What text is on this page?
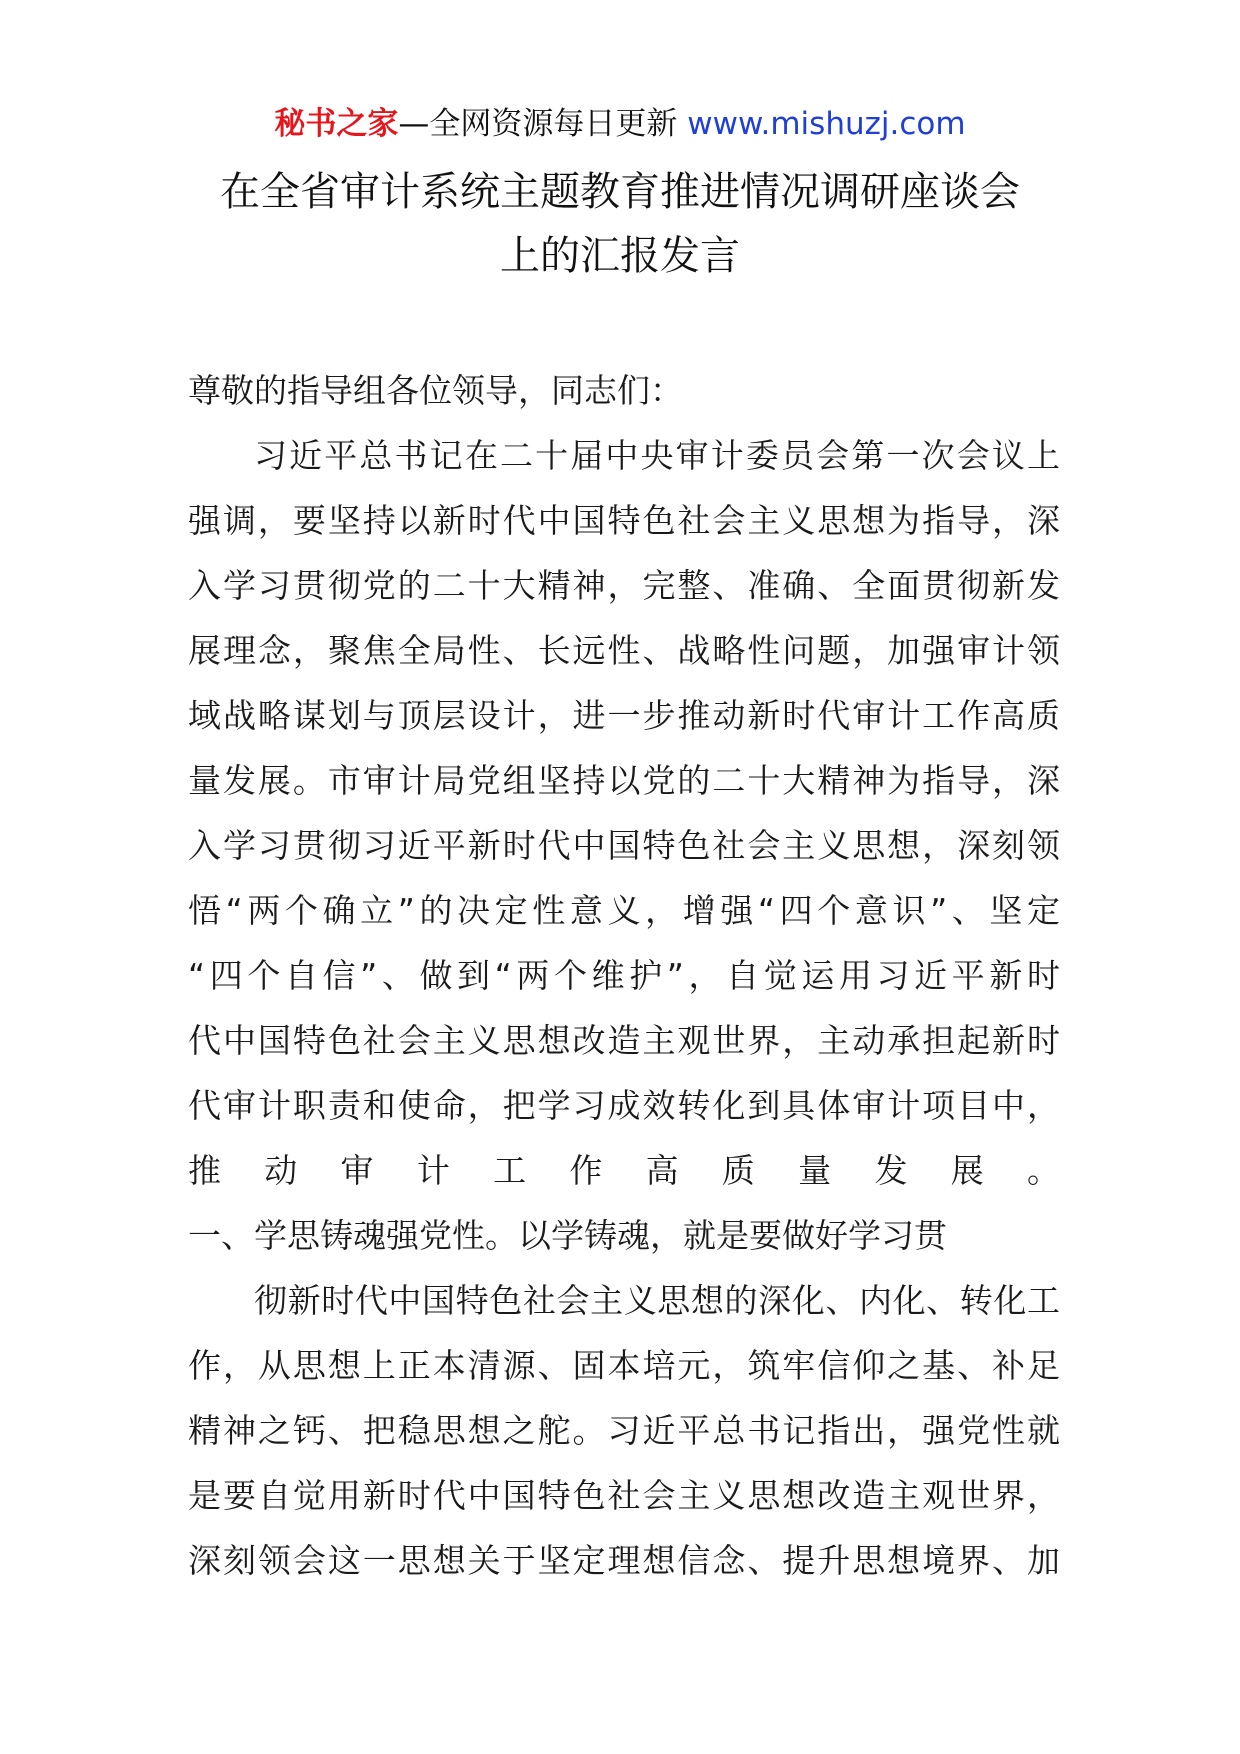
秘书之家—全网资源每日更新 www.mishuzj.com
在全省审计系统主题教育推进情况调研座谈会
上的汇报发言
尊敬的指导组各位领导，同志们：
习近平总书记在二十届中央审计委员会第一次会议上
强调，要坚持以新时代中国特色社会主义思想为指导，深
入学习贯彻党的二十大精神，完整、准确、全面贯彻新发
展理念，聚焦全局性、长远性、战略性问题，加强审计领
域战略谋划与顶层设计，进一步推动新时代审计工作高质
量发展。市审计局党组坚持以党的二十大精神为指导，深
入学习贯彻习近平新时代中国特色社会主义思想，深刻领
悟“两个确立”的决定性意义，增强“四个意识”、坚定
“四个自信”、做到“两个维护”，自觉运用习近平新时
代中国特色社会主义思想改造主观世界，主动承担起新时
代审计职责和使命，把学习成效转化到具体审计项目中，
推动审计工作高质量发展。
一、学思铸魂强党性。以学铸魂，就是要做好学习贯
彻新时代中国特色社会主义思想的深化、内化、转化工
作，从思想上正本清源、固本培元，筑牢信仰之基、补足
精神之钙、把稳思想之舵。习近平总书记指出，强党性就
是要自觉用新时代中国特色社会主义思想改造主观世界，
深刻领会这一思想关于坚定理想信念、提升思想境界、加
